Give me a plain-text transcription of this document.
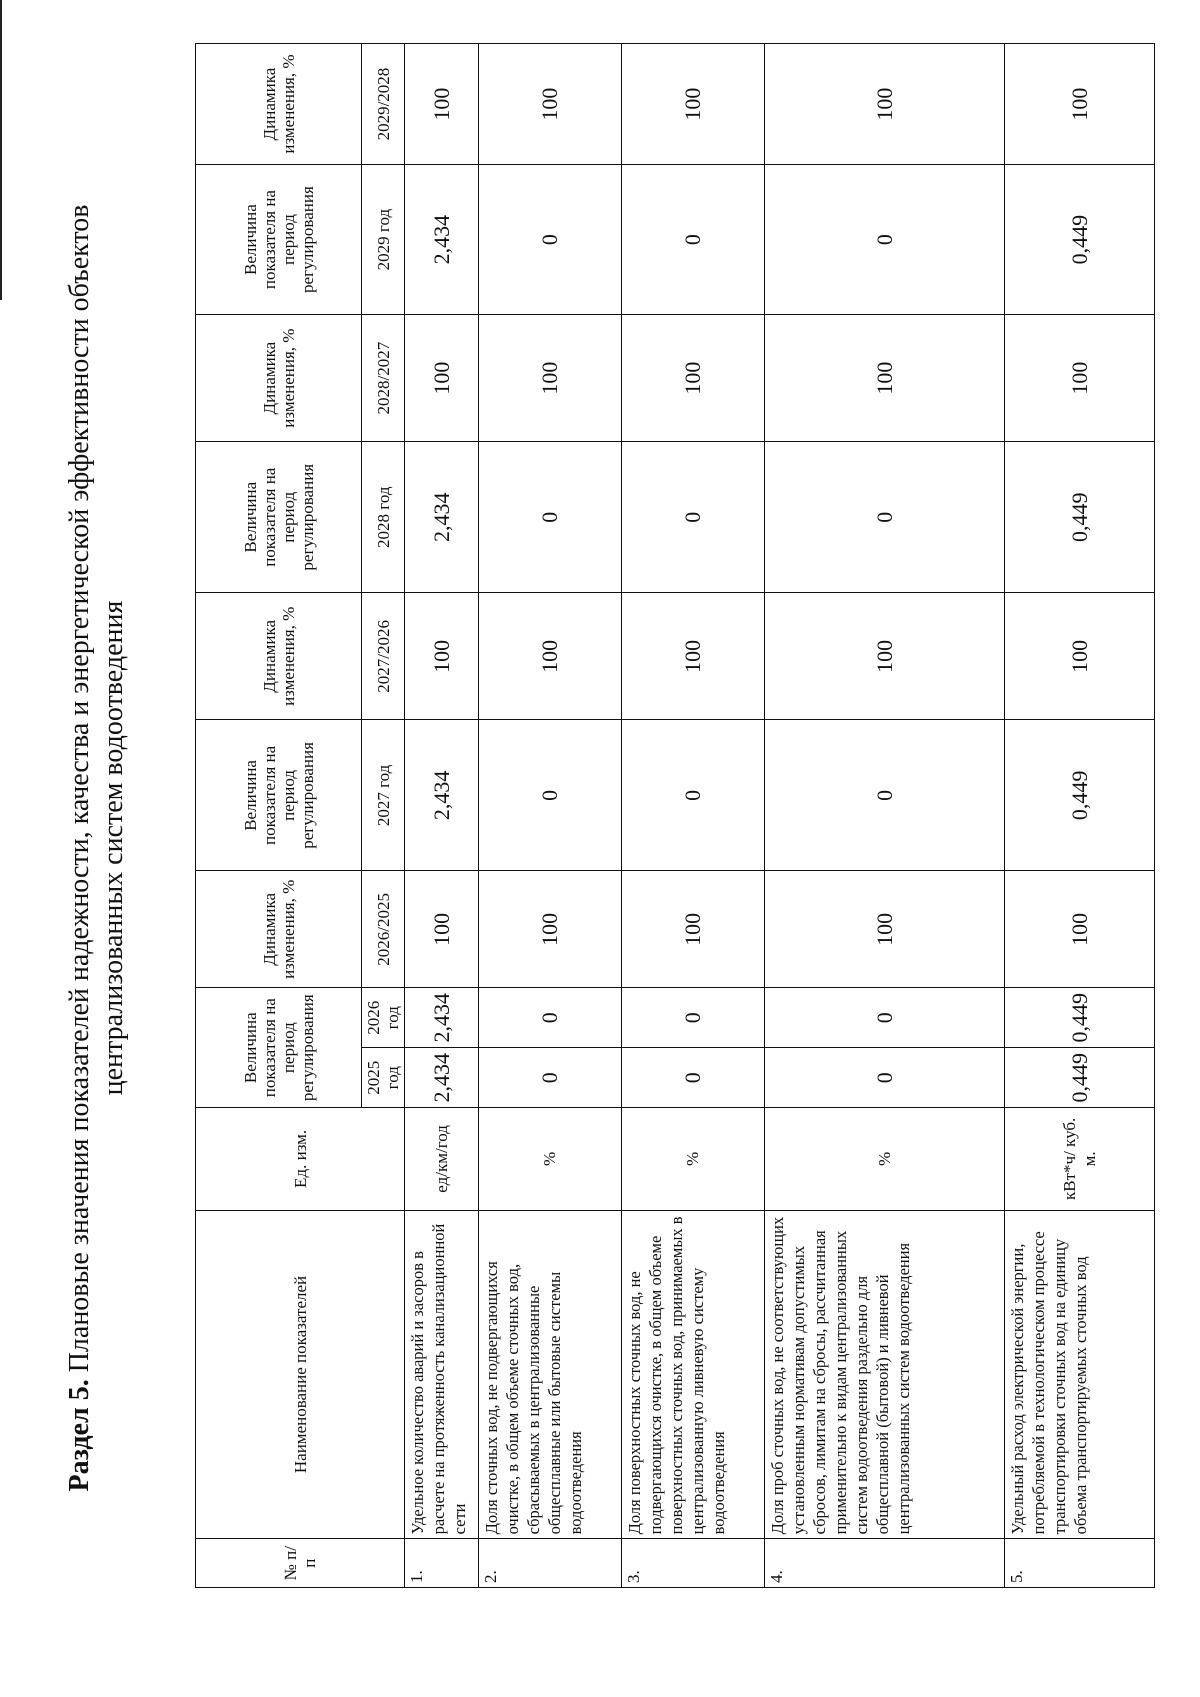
Раздел 5. Плановые значения показателей надежности, качества и энергетической эффективности объектов централизованных систем водоотведения
№ п/п	Наименование показателей	Ед. изм.	Величина показателя на период регулирования		Динамика изменения, %	Величина показателя на период регулирования	Динамика изменения, %	Величина показателя на период регулирования	Динамика изменения, %	Величина показателя на период регулирования	Динамика изменения, %
			2025 год	2026 год	2026/2025	2027 год	2027/2026	2028 год	2028/2027	2029 год	2029/2028
1.	Удельное количество аварий и засоров в расчете на протяженность канализационной сети	ед/км/год	2,434	2,434	100	2,434	100	2,434	100	2,434	100
2.	Доля сточных вод, не подвергающихся очистке, в общем объеме сточных вод, сбрасываемых в централизованные общесплавные или бытовые системы водоотведения	%	0	0	100	0	100	0	100	0	100
3.	Доля поверхностных сточных вод, не подвергающихся очистке, в общем объеме поверхностных сточных вод, принимаемых в централизованную ливневую систему водоотведения	%	0	0	100	0	100	0	100	0	100
4.	Доля проб сточных вод, не соответствующих установленным нормативам допустимых сбросов, лимитам на сбросы, рассчитанная применительно к видам централизованных систем водоотведения раздельно для общесплавной (бытовой) и ливневой централизованных систем водоотведения	%	0	0	100	0	100	0	100	0	100
5.	Удельный расход электрической энергии, потребляемой в технологическом процессе транспортировки сточных вод на единицу объема транспортируемых сточных вод	кВт*ч/ куб. м.	0,449	0,449	100	0,449	100	0,449	100	0,449	100
